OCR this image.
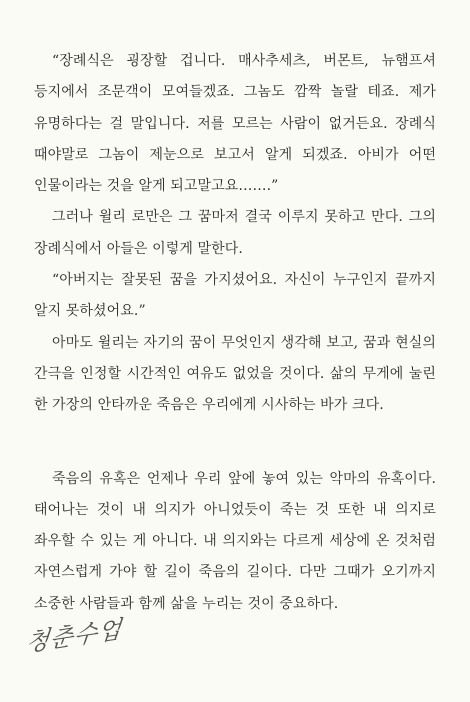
“장례식은 굉장할 겁니다. 매사추세츠, 버몬트, 뉴햄프셔 등지에서 조문객이 모여들겠죠. 그놈도 깜짝 놀랄 테죠. 제가 유명하다는 걸 말입니다. 저를 모르는 사람이 없거든요. 장례식 때야말로 그놈이 제눈으로 보고서 알게 되겠죠. 아비가 어떤 인물이라는 것을 알게 되고말고요…….”

그러나 윌리 로만은 그 꿈마저 결국 이루지 못하고 만다. 그의 장례식에서 아들은 이렇게 말한다.

“아버지는 잘못된 꿈을 가지셨어요. 자신이 누구인지 끝까지 알지 못하셨어요.”

아마도 윌리는 자기의 꿈이 무엇인지 생각해 보고, 꿈과 현실의 간극을 인정할 시간적인 여유도 없었을 것이다. 삶의 무게에 눌린 한 가장의 안타까운 죽음은 우리에게 시사하는 바가 크다.

죽음의 유혹은 언제나 우리 앞에 놓여 있는 악마의 유혹이다. 태어나는 것이 내 의지가 아니었듯이 죽는 것 또한 내 의지로 좌우할 수 있는 게 아니다. 내 의지와는 다르게 세상에 온 것처럼 자연스럽게 가야 할 길이 죽음의 길이다. 다만 그때가 오기까지 소중한 사람들과 함께 삶을 누리는 것이 중요하다.

청춘수업
